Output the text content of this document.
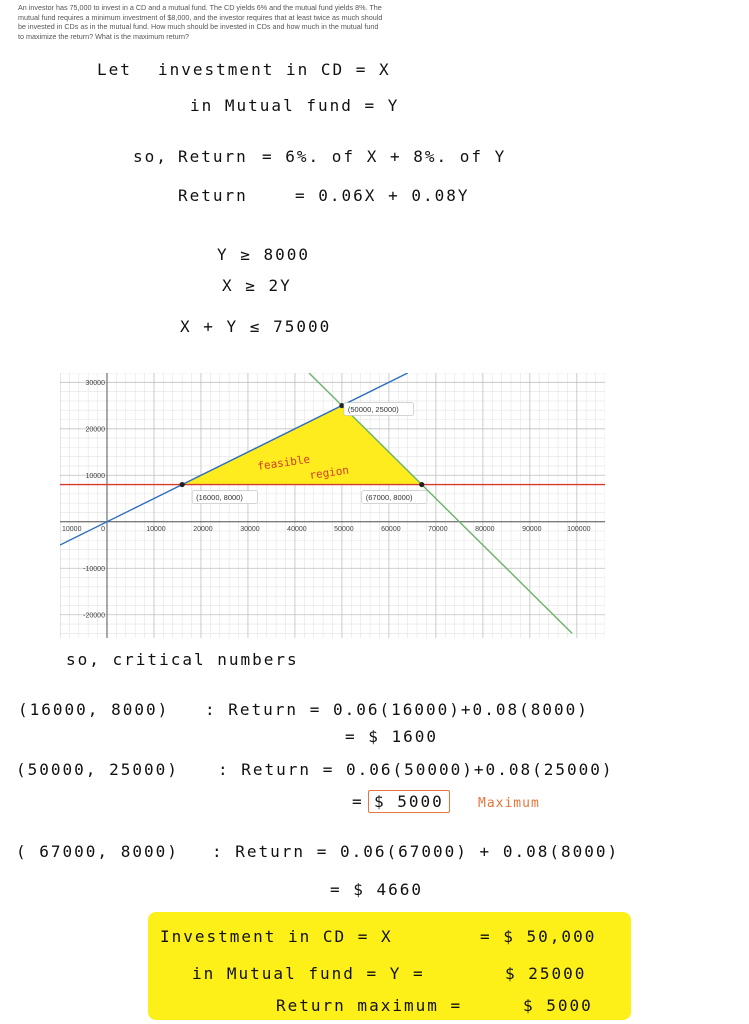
An investor has 75,000 to invest in a CD and a mutual fund. The CD yields 6% and the mutual fund yields 8%. The mutual fund requires a minimum investment of $8,000, and the investor requires that at least twice as much should be invested in CDs as in the mutual fund. How much should be invested in CDs and how much in the mutual fund to maximize the return? What is the maximum return?
Let investment in CD = X
in Mutual fund = Y
so, Return = 6%. of X + 8%. of Y
Return	= 0.06X + 0.08Y
Y ≥ 8000
X ≥ 2Y
X + Y ≤ 75000
10000	0	10000	20000	30000	40000	50000	60000	70000	80000	90000	100000
-20000
-10000
10000
20000
30000
(16000, 8000)
(50000, 25000)
(67000, 8000)
feasible
region
so, critical numbers
(16000, 8000) : Return = 0.06(16000)+0.08(8000)
= $ 1600
(50000, 25000) : Return = 0.06(50000)+0.08(25000)
= $ 5000	Maximum
( 67000, 8000) : Return = 0.06(67000) + 0.08(8000)
= $ 4660
Investment in CD = X	= $ 50,000
in Mutual fund = Y =	$ 25000
Return maximum =	$ 5000
